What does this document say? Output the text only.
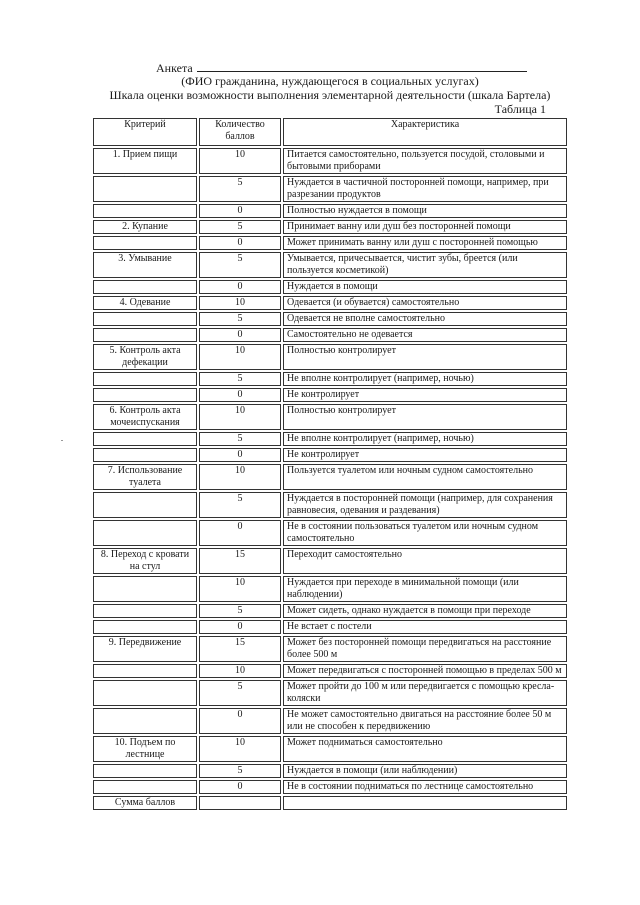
Анкета
(ФИО гражданина, нуждающегося в социальных услугах)
Шкала оценки возможности выполнения элементарной деятельности (шкала Бартела)
Таблица 1
Критерий	Количество баллов	Характеристика
1. Прием пищи	10	Питается самостоятельно, пользуется посудой, столовыми и бытовыми приборами
	5	Нуждается в частичной посторонней помощи, например, при разрезании продуктов
	0	Полностью нуждается в помощи
2. Купание	5	Принимает ванну или душ без посторонней помощи
	0	Может принимать ванну или душ с посторонней помощью
3. Умывание	5	Умывается, причесывается, чистит зубы, бреется (или пользуется косметикой)
	0	Нуждается в помощи
4. Одевание	10	Одевается (и обувается) самостоятельно
	5	Одевается не вполне самостоятельно
	0	Самостоятельно не одевается
5. Контроль акта дефекации	10	Полностью контролирует
	5	Не вполне контролирует (например, ночью)
	0	Не контролирует
6. Контроль акта мочеиспускания	10	Полностью контролирует
	5	Не вполне контролирует (например, ночью)
	0	Не контролирует
7. Использование туалета	10	Пользуется туалетом или ночным судном самостоятельно
	5	Нуждается в посторонней помощи (например, для сохранения равновесия, одевания и раздевания)
	0	Не в состоянии пользоваться туалетом или ночным судном самостоятельно
8. Переход с кровати на стул	15	Переходит самостоятельно
	10	Нуждается при переходе в минимальной помощи (или наблюдении)
	5	Может сидеть, однако нуждается в помощи при переходе
	0	Не встает с постели
9. Передвижение	15	Может без посторонней помощи передвигаться на расстояние более 500 м
	10	Может передвигаться с посторонней помощью в пределах 500 м
	5	Может пройти до 100 м или передвигается с помощью кресла-коляски
	0	Не может самостоятельно двигаться на расстояние более 50 м или не способен к передвижению
10. Подъем по лестнице	10	Может подниматься самостоятельно
	5	Нуждается в помощи (или наблюдении)
	0	Не в состоянии подниматься по лестнице самостоятельно
Сумма баллов		
